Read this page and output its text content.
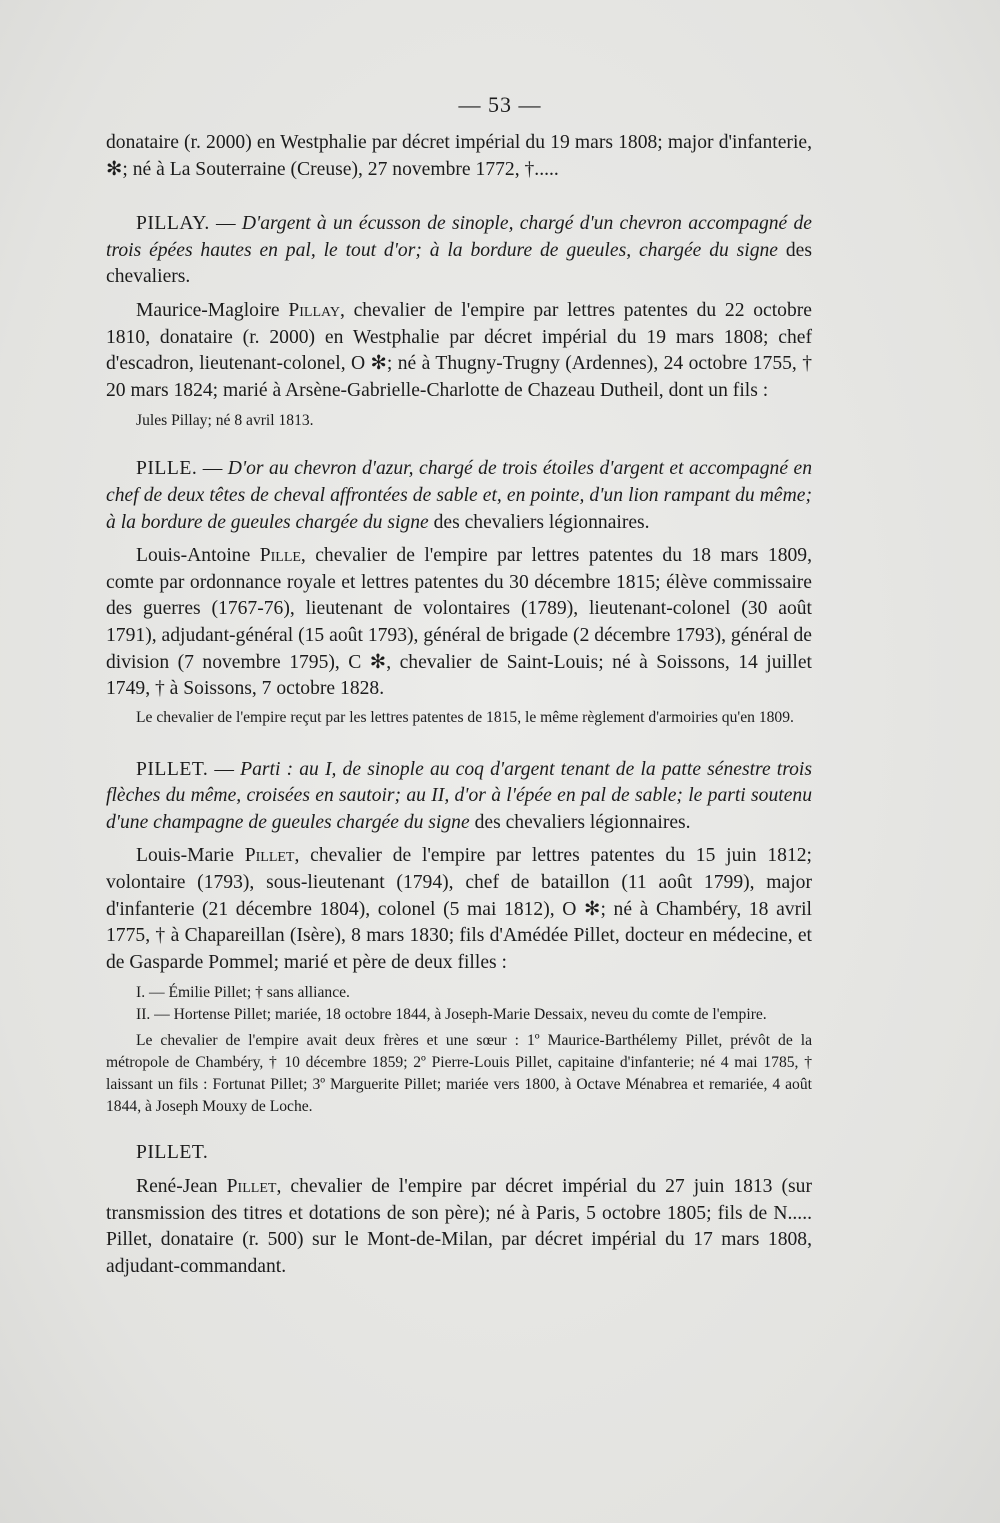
— 53 —

donataire (r. 2000) en Westphalie par décret impérial du 19 mars 1808; major d'infanterie, ✻; né à La Souterraine (Creuse), 27 novembre 1772, †.....

PILLAY. — D'argent à un écusson de sinople, chargé d'un chevron accompagné de trois épées hautes en pal, le tout d'or; à la bordure de gueules, chargée du signe des chevaliers.

Maurice-Magloire Pillay, chevalier de l'empire par lettres patentes du 22 octobre 1810, donataire (r. 2000) en Westphalie par décret impérial du 19 mars 1808; chef d'escadron, lieutenant-colonel, O ✻; né à Thugny-Trugny (Ardennes), 24 octobre 1755, † 20 mars 1824; marié à Arsène-Gabrielle-Charlotte de Chazeau Dutheil, dont un fils :

Jules Pillay; né 8 avril 1813.

PILLE. — D'or au chevron d'azur, chargé de trois étoiles d'argent et accompagné en chef de deux têtes de cheval affrontées de sable et, en pointe, d'un lion rampant du même; à la bordure de gueules chargée du signe des chevaliers légionnaires.

Louis-Antoine Pille, chevalier de l'empire par lettres patentes du 18 mars 1809, comte par ordonnance royale et lettres patentes du 30 décembre 1815; élève commissaire des guerres (1767-76), lieutenant de volontaires (1789), lieutenant-colonel (30 août 1791), adjudant-général (15 août 1793), général de brigade (2 décembre 1793), général de division (7 novembre 1795), C ✻, chevalier de Saint-Louis; né à Soissons, 14 juillet 1749, † à Soissons, 7 octobre 1828.

Le chevalier de l'empire reçut par les lettres patentes de 1815, le même règlement d'armoiries qu'en 1809.

PILLET. — Parti : au I, de sinople au coq d'argent tenant de la patte sénestre trois flèches du même, croisées en sautoir; au II, d'or à l'épée en pal de sable; le parti soutenu d'une champagne de gueules chargée du signe des chevaliers légionnaires.

Louis-Marie Pillet, chevalier de l'empire par lettres patentes du 15 juin 1812; volontaire (1793), sous-lieutenant (1794), chef de bataillon (11 août 1799), major d'infanterie (21 décembre 1804), colonel (5 mai 1812), O ✻; né à Chambéry, 18 avril 1775, † à Chapareillan (Isère), 8 mars 1830; fils d'Amédée Pillet, docteur en médecine, et de Gasparde Pommel; marié et père de deux filles :

I. — Émilie Pillet; † sans alliance.

II. — Hortense Pillet; mariée, 18 octobre 1844, à Joseph-Marie Dessaix, neveu du comte de l'empire.

Le chevalier de l'empire avait deux frères et une sœur : 1º Maurice-Barthélemy Pillet, prévôt de la métropole de Chambéry, † 10 décembre 1859; 2º Pierre-Louis Pillet, capitaine d'infanterie; né 4 mai 1785, † laissant un fils : Fortunat Pillet; 3º Marguerite Pillet; mariée vers 1800, à Octave Ménabrea et remariée, 4 août 1844, à Joseph Mouxy de Loche.

PILLET.

René-Jean Pillet, chevalier de l'empire par décret impérial du 27 juin 1813 (sur transmission des titres et dotations de son père); né à Paris, 5 octobre 1805; fils de N..... Pillet, donataire (r. 500) sur le Mont-de-Milan, par décret impérial du 17 mars 1808, adjudant-commandant.
